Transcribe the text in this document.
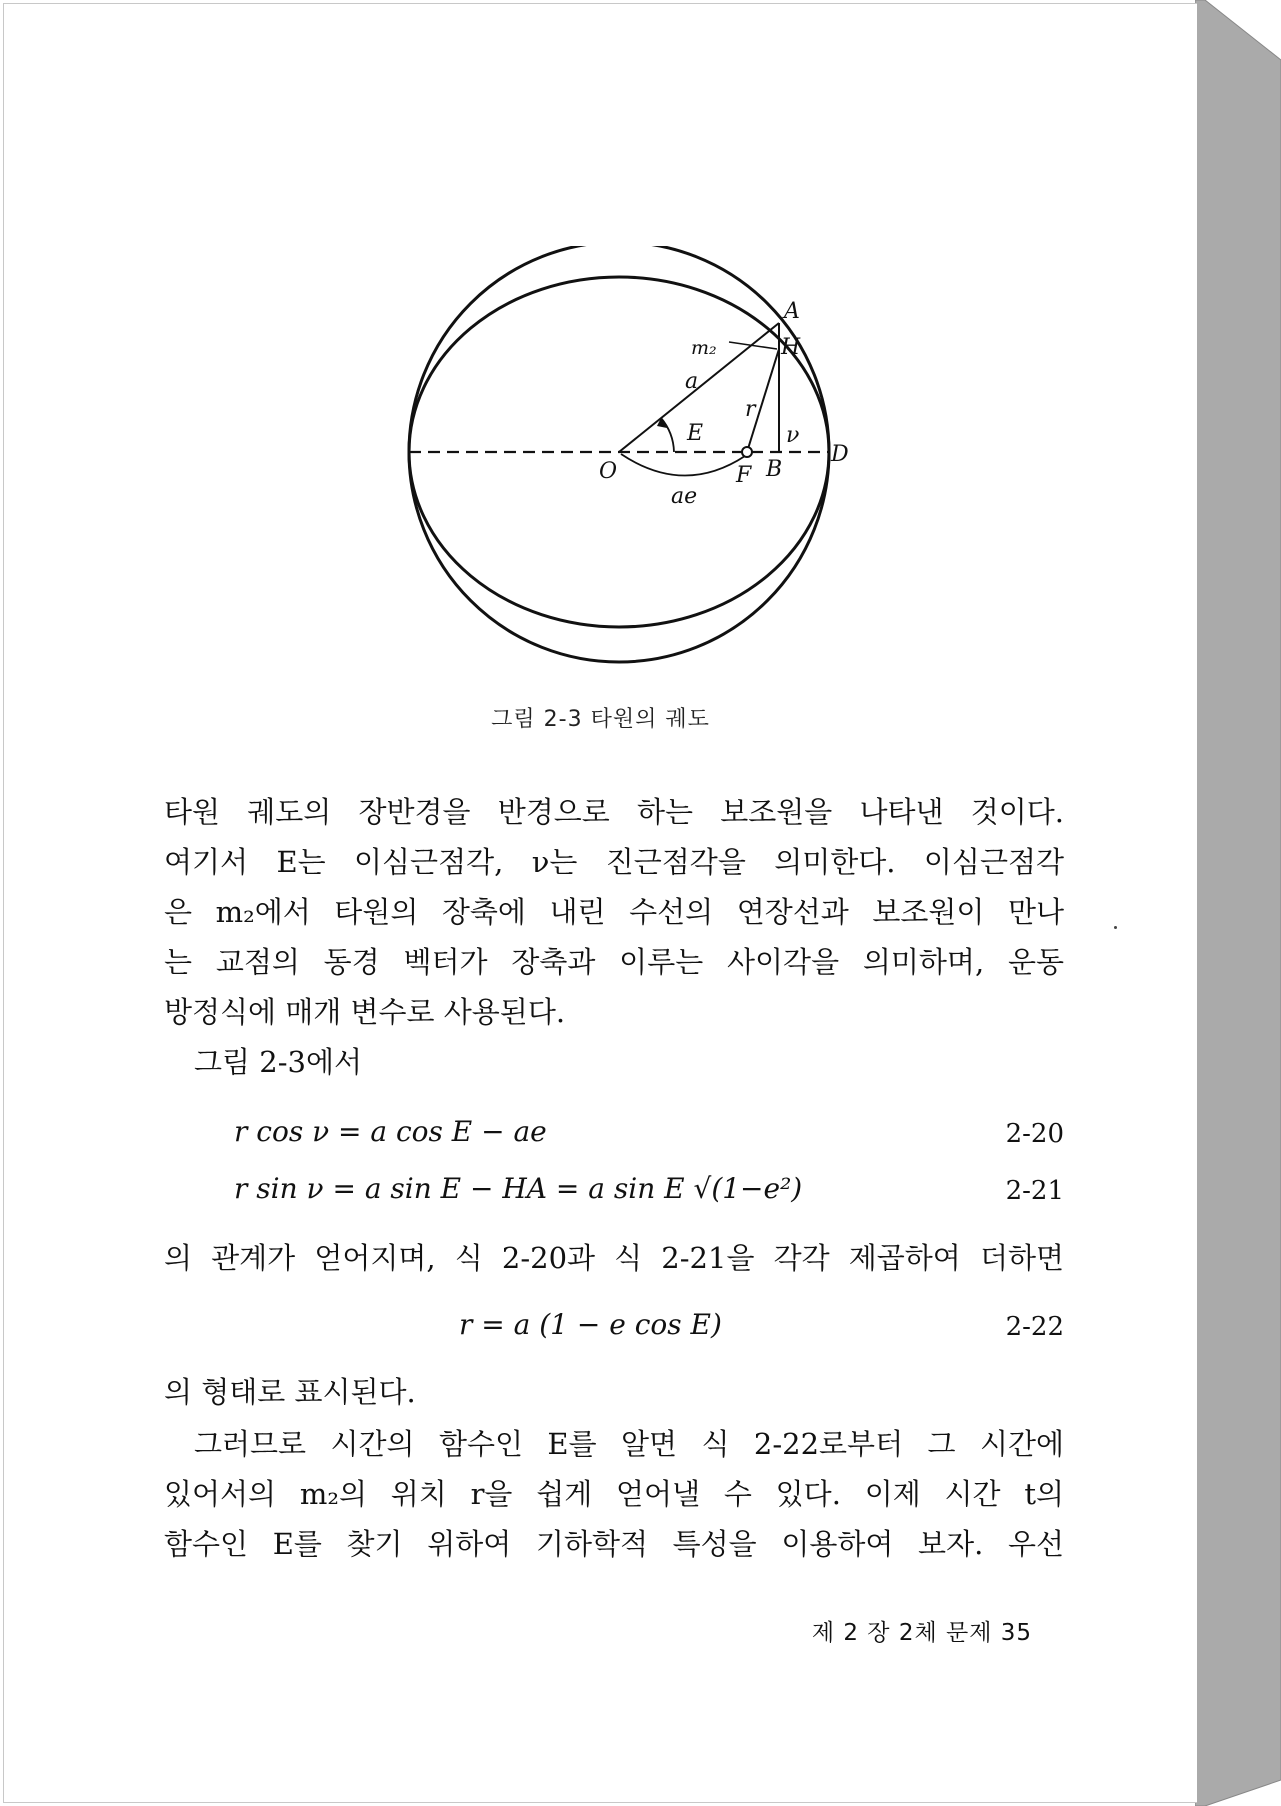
A
H
m₂
a
E
r
ν
O	F B
D
ae
그림 2-3 타원의 궤도
타원 궤도의 장반경을 반경으로 하는 보조원을 나타낸 것이다.
여기서 E는 이심근점각, ν는 진근점각을 의미한다. 이심근점각
은 m₂에서 타원의 장축에 내린 수선의 연장선과 보조원이 만나
는 교점의 동경 벡터가 장축과 이루는 사이각을 의미하며, 운동
방정식에 매개 변수로 사용된다.
그림 2-3에서
r cos ν = a cos E − ae	2-20
r sin ν = a sin E − HA = a sin E √(1−e²)	2-21
의 관계가 얻어지며, 식 2-20과 식 2-21을 각각 제곱하여 더하면
r = a (1 − e cos E)	2-22
의 형태로 표시된다.
그러므로 시간의 함수인 E를 알면 식 2-22로부터 그 시간에
있어서의 m₂의 위치 r을 쉽게 얻어낼 수 있다. 이제 시간 t의
함수인 E를 찾기 위하여 기하학적 특성을 이용하여 보자. 우선
제 2 장 2체 문제 35
